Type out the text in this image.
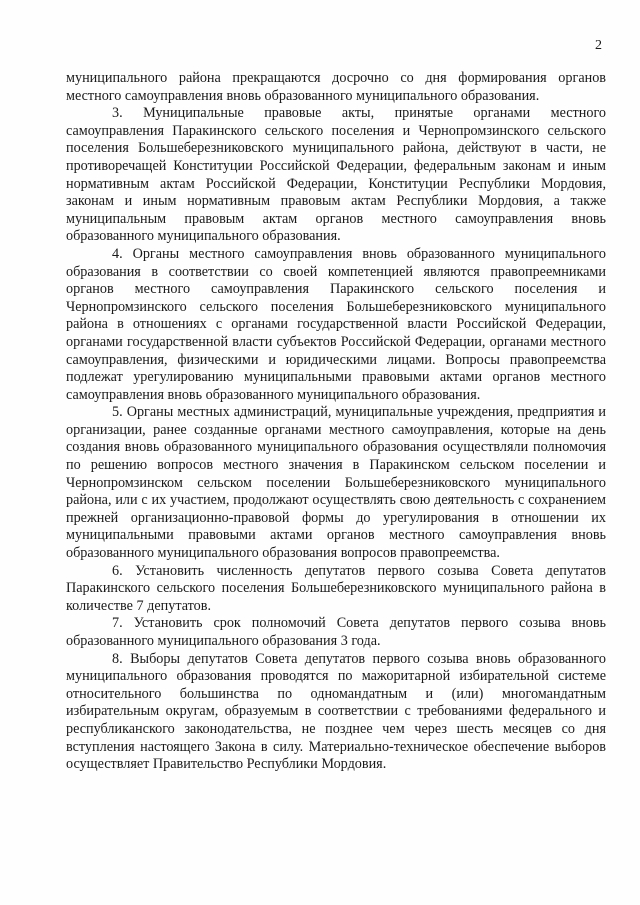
2

муниципального района прекращаются досрочно со дня формирования органов местного самоуправления вновь образованного муниципального образования.

3. Муниципальные правовые акты, принятые органами местного самоуправления Паракинского сельского поселения и Чернопромзинского сельского поселения Большеберезниковского муниципального района, действуют в части, не противоречащей Конституции Российской Федерации, федеральным законам и иным нормативным актам Российской Федерации, Конституции Республики Мордовия, законам и иным нормативным правовым актам Республики Мордовия, а также муниципальным правовым актам органов местного самоуправления вновь образованного муниципального образования.

4. Органы местного самоуправления вновь образованного муниципального образования в соответствии со своей компетенцией являются правопреемниками органов местного самоуправления Паракинского сельского поселения и Чернопромзинского сельского поселения Большеберезниковского муниципального района в отношениях с органами государственной власти Российской Федерации, органами государственной власти субъектов Российской Федерации, органами местного самоуправления, физическими и юридическими лицами. Вопросы правопреемства подлежат урегулированию муниципальными правовыми актами органов местного самоуправления вновь образованного муниципального образования.

5. Органы местных администраций, муниципальные учреждения, предприятия и организации, ранее созданные органами местного самоуправления, которые на день создания вновь образованного муниципального образования осуществляли полномочия по решению вопросов местного значения в Паракинском сельском поселении и Чернопромзинском сельском поселении Большеберезниковского муниципального района, или с их участием, продолжают осуществлять свою деятельность с сохранением прежней организационно-правовой формы до урегулирования в отношении их муниципальными правовыми актами органов местного самоуправления вновь образованного муниципального образования вопросов правопреемства.

6. Установить численность депутатов первого созыва Совета депутатов Паракинского сельского поселения Большеберезниковского муниципального района в количестве 7 депутатов.

7. Установить срок полномочий Совета депутатов первого созыва вновь образованного муниципального образования 3 года.

8. Выборы депутатов Совета депутатов первого созыва вновь образованного муниципального образования проводятся по мажоритарной избирательной системе относительного большинства по одномандатным и (или) многомандатным избирательным округам, образуемым в соответствии с требованиями федерального и республиканского законодательства, не позднее чем через шесть месяцев со дня вступления настоящего Закона в силу. Материально-техническое обеспечение выборов осуществляет Правительство Республики Мордовия.
